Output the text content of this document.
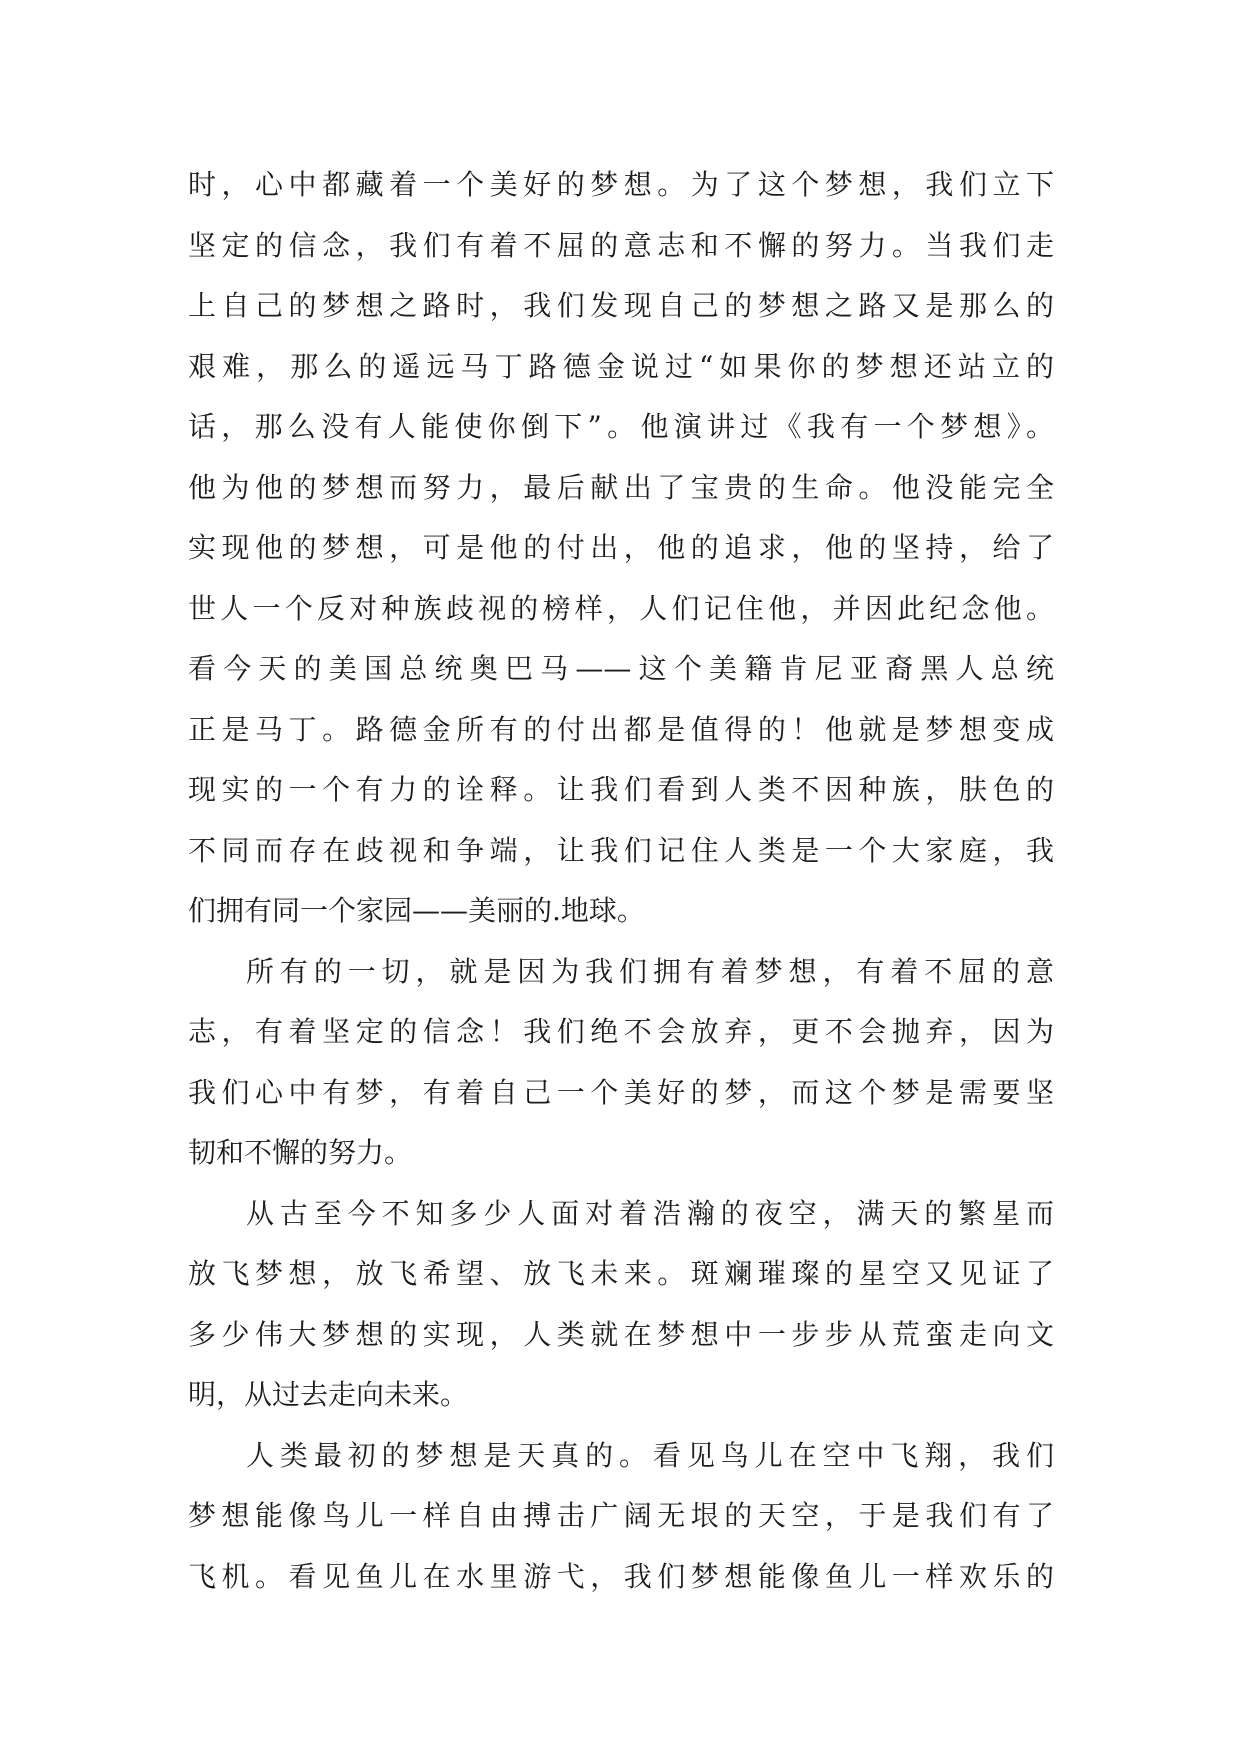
时，心中都藏着一个美好的梦想。为了这个梦想，我们立下
坚定的信念，我们有着不屈的意志和不懈的努力。当我们走
上自己的梦想之路时，我们发现自己的梦想之路又是那么的
艰难，那么的遥远马丁路德金说过“如果你的梦想还站立的
话，那么没有人能使你倒下”。他演讲过《我有一个梦想》。
他为他的梦想而努力，最后献出了宝贵的生命。他没能完全
实现他的梦想，可是他的付出，他的追求，他的坚持，给了
世人一个反对种族歧视的榜样，人们记住他，并因此纪念他。
看今天的美国总统奥巴马——这个美籍肯尼亚裔黑人总统
正是马丁。路德金所有的付出都是值得的！他就是梦想变成
现实的一个有力的诠释。让我们看到人类不因种族，肤色的
不同而存在歧视和争端，让我们记住人类是一个大家庭，我
们拥有同一个家园——美丽的.地球。
所有的一切，就是因为我们拥有着梦想，有着不屈的意
志，有着坚定的信念！我们绝不会放弃，更不会抛弃，因为
我们心中有梦，有着自己一个美好的梦，而这个梦是需要坚
韧和不懈的努力。
从古至今不知多少人面对着浩瀚的夜空，满天的繁星而
放飞梦想，放飞希望、放飞未来。斑斓璀璨的星空又见证了
多少伟大梦想的实现，人类就在梦想中一步步从荒蛮走向文
明，从过去走向未来。
人类最初的梦想是天真的。看见鸟儿在空中飞翔，我们
梦想能像鸟儿一样自由搏击广阔无垠的天空，于是我们有了
飞机。看见鱼儿在水里游弋，我们梦想能像鱼儿一样欢乐的
